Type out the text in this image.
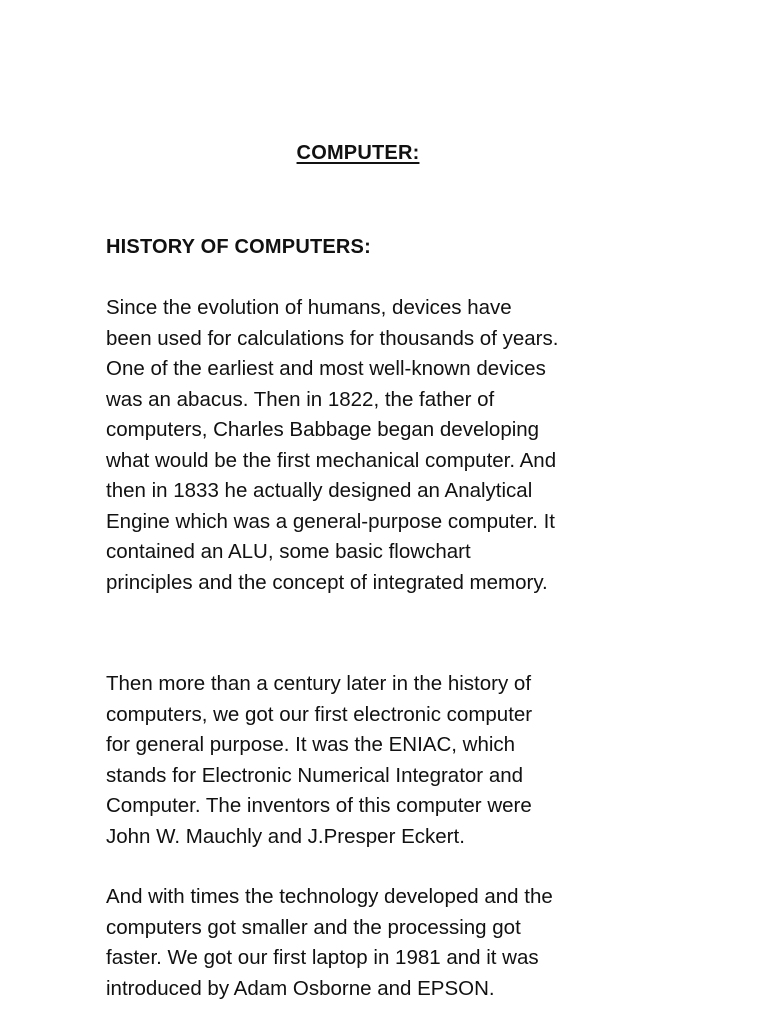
COMPUTER:
HISTORY OF COMPUTERS:

Since the evolution of humans, devices have
been used for calculations for thousands of years.
One of the earliest and most well-known devices
was an abacus. Then in 1822, the father of
computers, Charles Babbage began developing
what would be the first mechanical computer. And
then in 1833 he actually designed an Analytical
Engine which was a general-purpose computer. It
contained an ALU, some basic flowchart
principles and the concept of integrated memory.

Then more than a century later in the history of
computers, we got our first electronic computer
for general purpose. It was the ENIAC, which
stands for Electronic Numerical Integrator and
Computer. The inventors of this computer were
John W. Mauchly and J.Presper Eckert.

And with times the technology developed and the
computers got smaller and the processing got
faster. We got our first laptop in 1981 and it was
introduced by Adam Osborne and EPSON.
